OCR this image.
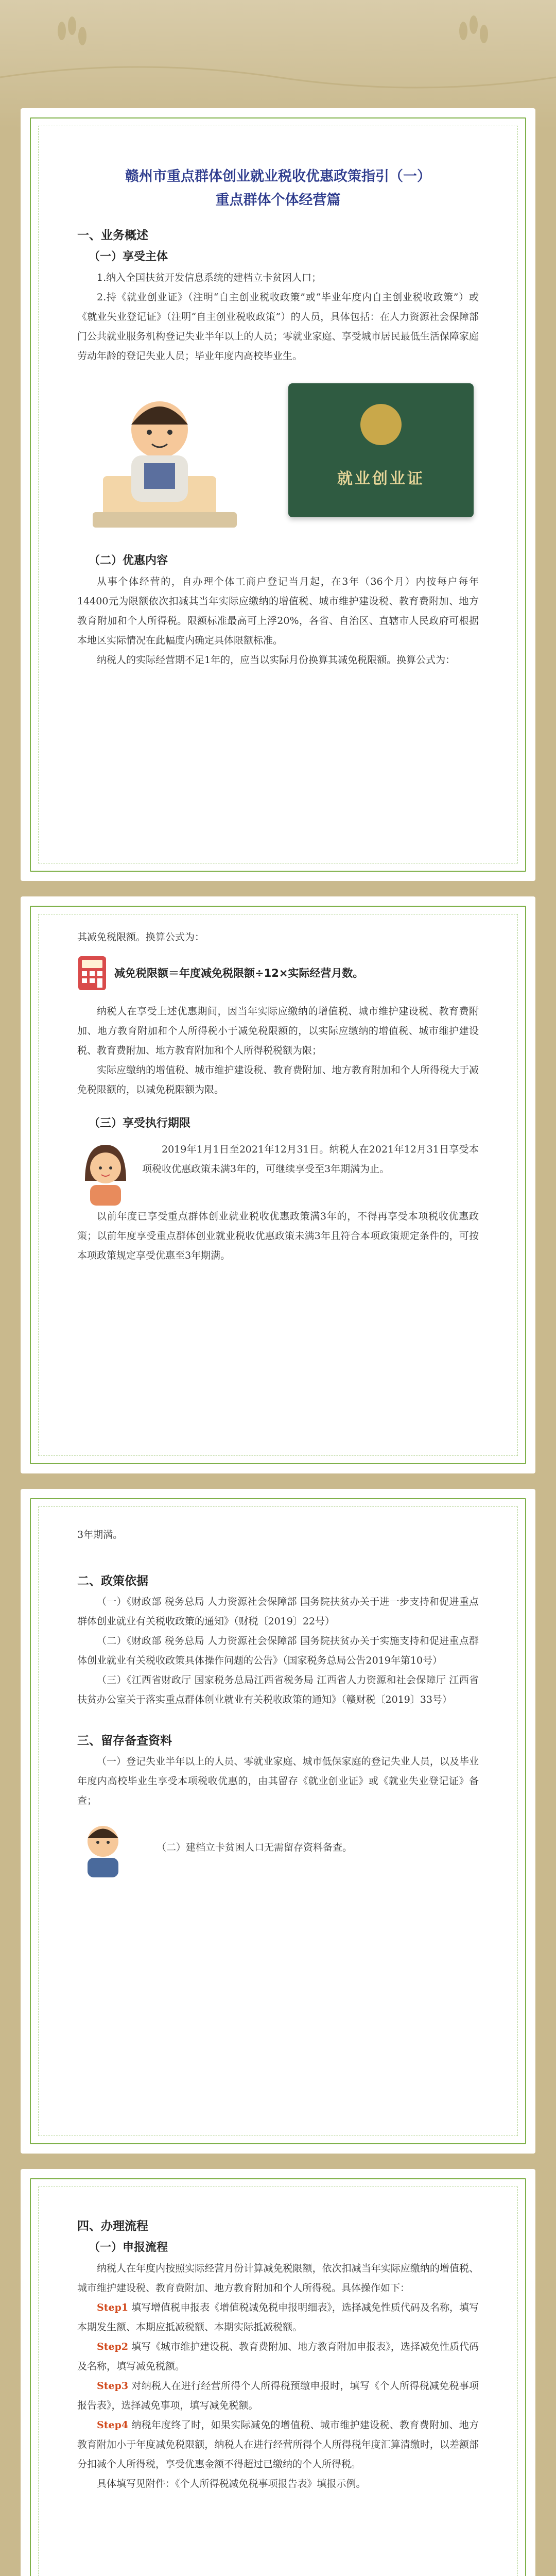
赣州市重点群体创业就业税收优惠政策指引（一）
重点群体个体经营篇
一、业务概述
（一）享受主体
1.纳入全国扶贫开发信息系统的建档立卡贫困人口；
2.持《就业创业证》（注明“自主创业税收政策”或“毕业年度内自主创业税收政策”）或《就业失业登记证》（注明“自主创业税收政策”）的人员，具体包括：在人力资源社会保障部门公共就业服务机构登记失业半年以上的人员；零就业家庭、享受城市居民最低生活保障家庭劳动年龄的登记失业人员；毕业年度内高校毕业生。
就业创业证
（二）优惠内容
从事个体经营的，自办理个体工商户登记当月起，在3年（36个月）内按每户每年14400元为限额依次扣减其当年实际应缴纳的增值税、城市维护建设税、教育费附加、地方教育附加和个人所得税。限额标准最高可上浮20%，各省、自治区、直辖市人民政府可根据本地区实际情况在此幅度内确定具体限额标准。
纳税人的实际经营期不足1年的，应当以实际月份换算其减免税限额。换算公式为：
其减免税限额。换算公式为：
减免税限额＝年度减免税限额÷12×实际经营月数。
纳税人在享受上述优惠期间，因当年实际应缴纳的增值税、城市维护建设税、教育费附加、地方教育附加和个人所得税小于减免税限额的，以实际应缴纳的增值税、城市维护建设税、教育费附加、地方教育附加和个人所得税税额为限；
实际应缴纳的增值税、城市维护建设税、教育费附加、地方教育附加和个人所得税大于减免税限额的，以减免税限额为限。
（三）享受执行期限
2019年1月1日至2021年12月31日。纳税人在2021年12月31日享受本项税收优惠政策未满3年的，可继续享受至3年期满为止。
以前年度已享受重点群体创业就业税收优惠政策满3年的，不得再享受本项税收优惠政策；以前年度享受重点群体创业就业税收优惠政策未满3年且符合本项政策规定条件的，可按本项政策规定享受优惠至3年期满。
3年期满。
二、政策依据
（一）《财政部 税务总局 人力资源社会保障部 国务院扶贫办关于进一步支持和促进重点群体创业就业有关税收政策的通知》（财税〔2019〕22号）
（二）《财政部 税务总局 人力资源社会保障部 国务院扶贫办关于实施支持和促进重点群体创业就业有关税收政策具体操作问题的公告》（国家税务总局公告2019年第10号）
（三）《江西省财政厅 国家税务总局江西省税务局 江西省人力资源和社会保障厅 江西省扶贫办公室关于落实重点群体创业就业有关税收政策的通知》（赣财税〔2019〕33号）
三、留存备查资料
（一）登记失业半年以上的人员、零就业家庭、城市低保家庭的登记失业人员，以及毕业年度内高校毕业生享受本项税收优惠的，由其留存《就业创业证》或《就业失业登记证》备查；
（二）建档立卡贫困人口无需留存资料备查。
四、办理流程
（一）申报流程
纳税人在年度内按照实际经营月份计算减免税限额，依次扣减当年实际应缴纳的增值税、城市维护建设税、教育费附加、地方教育附加和个人所得税。具体操作如下：
Step1 填写增值税申报表《增值税减免税申报明细表》，选择减免性质代码及名称，填写本期发生额、本期应抵减税额、本期实际抵减税额。
Step2 填写《城市维护建设税、教育费附加、地方教育附加申报表》，选择减免性质代码及名称，填写减免税额。
Step3 对纳税人在进行经营所得个人所得税预缴申报时，填写《个人所得税减免税事项报告表》，选择减免事项，填写减免税额。
Step4 纳税年度终了时，如果实际减免的增值税、城市维护建设税、教育费附加、地方教育附加小于年度减免税限额，纳税人在进行经营所得个人所得税年度汇算清缴时，以差额部分扣减个人所得税，享受优惠金额不得超过已缴纳的个人所得税。
具体填写见附件：《个人所得税减免税事项报告表》填报示例。
